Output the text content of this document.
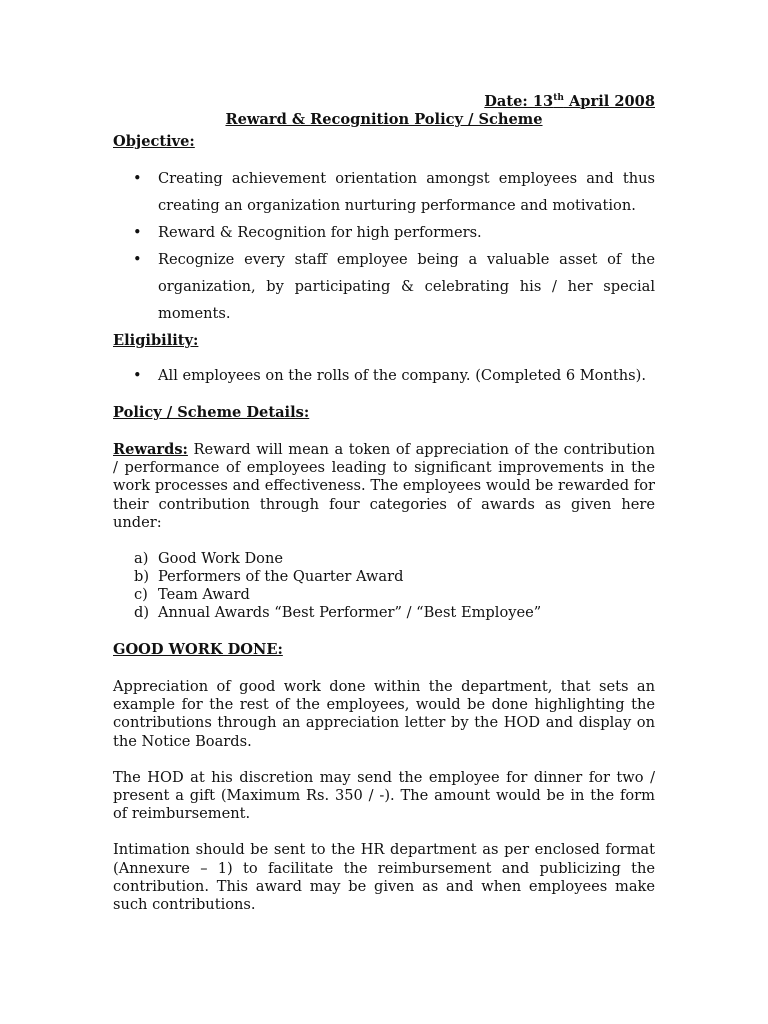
Date: 13th April 2008
Reward & Recognition Policy / Scheme
Objective:
• Creating achievement orientation amongst employees and thus creating an organization nurturing performance and motivation.
• Reward & Recognition for high performers.
• Recognize every staff employee being a valuable asset of the organization, by participating & celebrating his / her special moments.
Eligibility:
• All employees on the rolls of the company. (Completed 6 Months).
Policy / Scheme Details:

Rewards: Reward will mean a token of appreciation of the contribution / performance of employees leading to significant improvements in the work processes and effectiveness. The employees would be rewarded for their contribution through four categories of awards as given here under:

a) Good Work Done
b) Performers of the Quarter Award
c) Team Award
d) Annual Awards “Best Performer” / “Best Employee”
GOOD WORK DONE:

Appreciation of good work done within the department, that sets an example for the rest of the employees, would be done highlighting the contributions through an appreciation letter by the HOD and display on the Notice Boards.

The HOD at his discretion may send the employee for dinner for two / present a gift (Maximum Rs. 350 / -). The amount would be in the form of reimbursement.

Intimation should be sent to the HR department as per enclosed format (Annexure – 1) to facilitate the reimbursement and publicizing the contribution. This award may be given as and when employees make such contributions.
